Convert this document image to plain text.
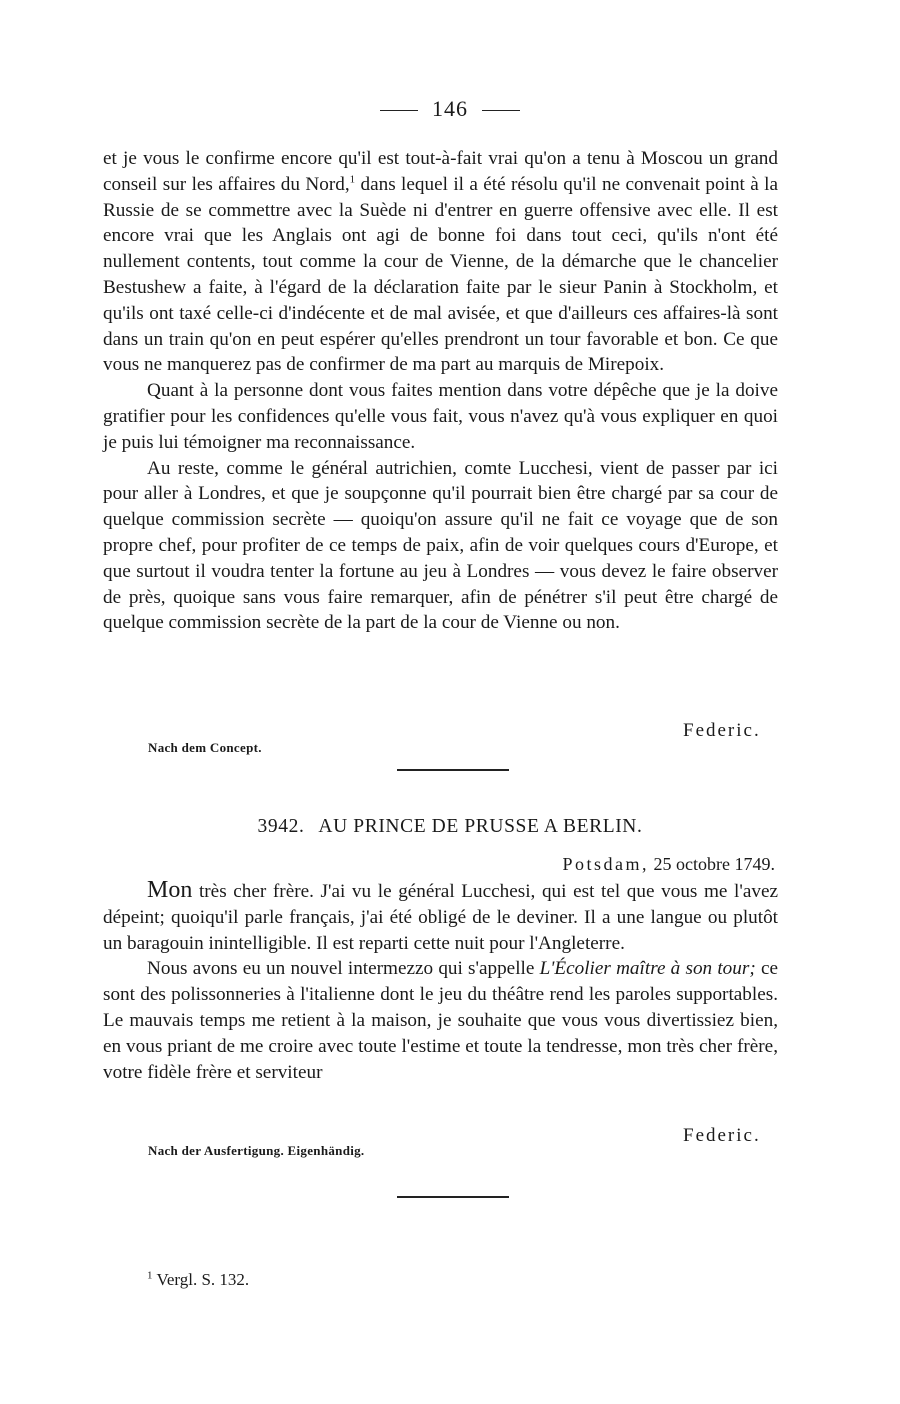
146

et je vous le confirme encore qu'il est tout-à-fait vrai qu'on a tenu à Moscou un grand conseil sur les affaires du Nord,$^1$ dans lequel il a été résolu qu'il ne convenait point à la Russie de se commettre avec la Suède ni d'entrer en guerre offensive avec elle. Il est encore vrai que les Anglais ont agi de bonne foi dans tout ceci, qu'ils n'ont été nullement contents, tout comme la cour de Vienne, de la démarche que le chancelier Bestushew a faite, à l'égard de la déclaration faite par le sieur Panin à Stockholm, et qu'ils ont taxé celle-ci d'indécente et de mal avisée, et que d'ailleurs ces affaires-là sont dans un train qu'on en peut espérer qu'elles prendront un tour favorable et bon. Ce que vous ne manquerez pas de confirmer de ma part au marquis de Mirepoix.

Quant à la personne dont vous faites mention dans votre dépêche que je la doive gratifier pour les confidences qu'elle vous fait, vous n'avez qu'à vous expliquer en quoi je puis lui témoigner ma reconnaissance.

Au reste, comme le général autrichien, comte Lucchesi, vient de passer par ici pour aller à Londres, et que je soupçonne qu'il pourrait bien être chargé par sa cour de quelque commission secrète — quoiqu'on assure qu'il ne fait ce voyage que de son propre chef, pour profiter de ce temps de paix, afin de voir quelques cours d'Europe, et que surtout il voudra tenter la fortune au jeu à Londres — vous devez le faire observer de près, quoique sans vous faire remarquer, afin de pénétrer s'il peut être chargé de quelque commission secrète de la part de la cour de Vienne ou non.

Federic.
Nach dem Concept.
3942. AU PRINCE DE PRUSSE A BERLIN.
Potsdam, 25 octobre 1749.

Mon très cher frère. J'ai vu le général Lucchesi, qui est tel que vous me l'avez dépeint; quoiqu'il parle français, j'ai été obligé de le deviner. Il a une langue ou plutôt un baragouin inintelligible. Il est reparti cette nuit pour l'Angleterre.

Nous avons eu un nouvel intermezzo qui s'appelle L'Écolier maître à son tour; ce sont des polissonneries à l'italienne dont le jeu du théâtre rend les paroles supportables. Le mauvais temps me retient à la maison, je souhaite que vous vous divertissiez bien, en vous priant de me croire avec toute l'estime et toute la tendresse, mon très cher frère, votre fidèle frère et serviteur

Federic.
Nach der Ausfertigung. Eigenhändig.
$^1$ Vergl. S. 132.
